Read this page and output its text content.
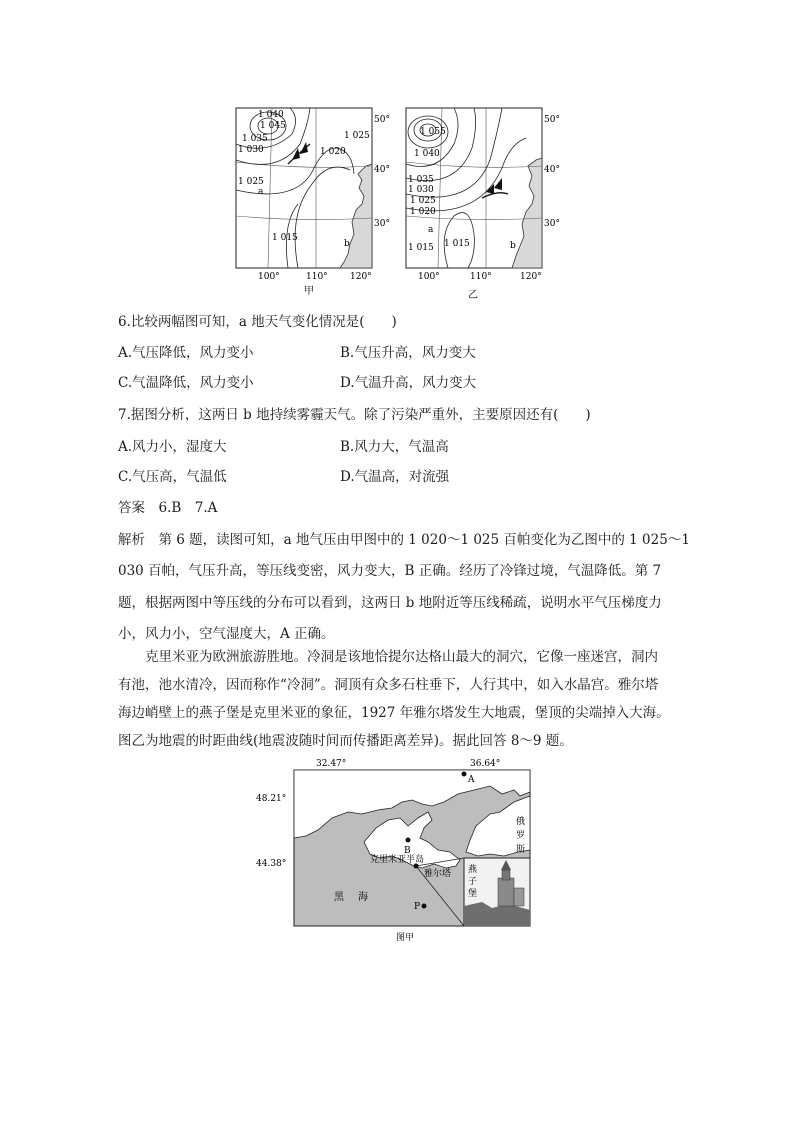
1 040
1 045
1 035
1 030
1 025
1 020
1 025
1 015
a
b
50°
40°
30°
100°	110° 120°
甲
1 055
1 040
1 035
1 030
1 025
1 020
1 015 1 015
a
b
50°
40°
30°
100°	110°	120°
乙
6.比较两幅图可知，a 地天气变化情况是(　　)
A.气压降低，风力变小	B.气压升高，风力变大
C.气温降低，风力变小	D.气温升高，风力变大
7.据图分析，这两日 b 地持续雾霾天气。除了污染严重外，主要原因还有(　　)
A.风力小，湿度大	B.风力大，气温高
C.气压高，气温低	D.气温高，对流强
答案　 6.B　7.A
解析　 第 6 题，读图可知，a 地气压由甲图中的 1 020～1 025 百帕变化为乙图中的 1 025～1
030 百帕，气压升高，等压线变密，风力变大，B 正确。经历了冷锋过境，气温降低。第 7
题，根据两图中等压线的分布可以看到，这两日 b 地附近等压线稀疏，说明水平气压梯度力
小，风力小，空气湿度大，A 正确。
克里米亚为欧洲旅游胜地。冷洞是该地恰提尔达格山最大的洞穴，它像一座迷宫，洞内
有池，池水清冷，因而称作“冷洞”。洞顶有众多石柱垂下，人行其中，如入水晶宫。雅尔塔
海边峭壁上的燕子堡是克里米亚的象征，1927 年雅尔塔发生大地震，堡顶的尖端掉入大海。
图乙为地震的时距曲线(地震波随时间而传播距离差异)。据此回答 8～9 题。
32.47°	36.64°
48.21°
44.38°
A
B
P
克里米亚半岛
俄
罗
斯
雅尔塔
黑 海
燕
子
堡
图甲
